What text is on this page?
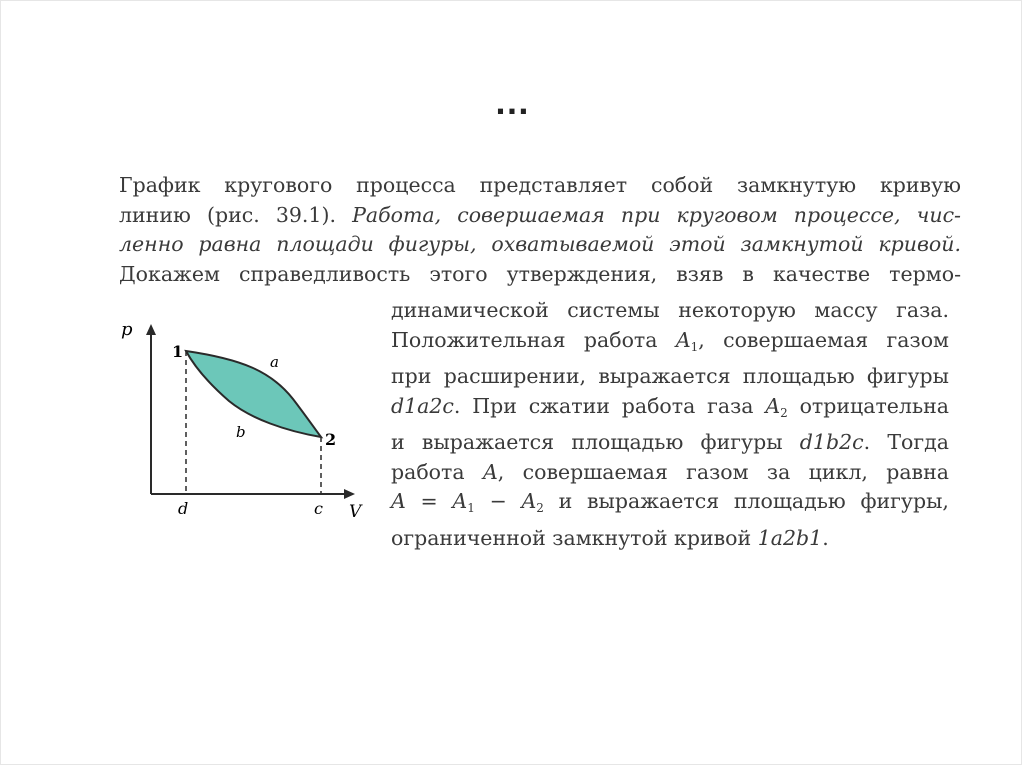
…
График кругового процесса представляет собой замкнутую кривую
линию (рис. 39.1). Работа, совершаемая при круговом процессе, чис-
ленно равна площади фигуры, охватываемой этой замкнутой кривой.
Докажем справедливость этого утверждения, взяв в качестве термо-
динамической системы некоторую массу газа.
Положительная работа $A_1$, совершаемая газом
при расширении, выражается площадью фигуры
d1a2c. При сжатии работа газа $A_2$ отрицательна
и выражается площадью фигуры d1b2c. Тогда
работа A, совершаемая газом за цикл, равна
$A = A_1 - A_2$ и выражается площадью фигуры,
ограниченной замкнутой кривой 1a2b1.
p
V
1
2
a
b
d	c
